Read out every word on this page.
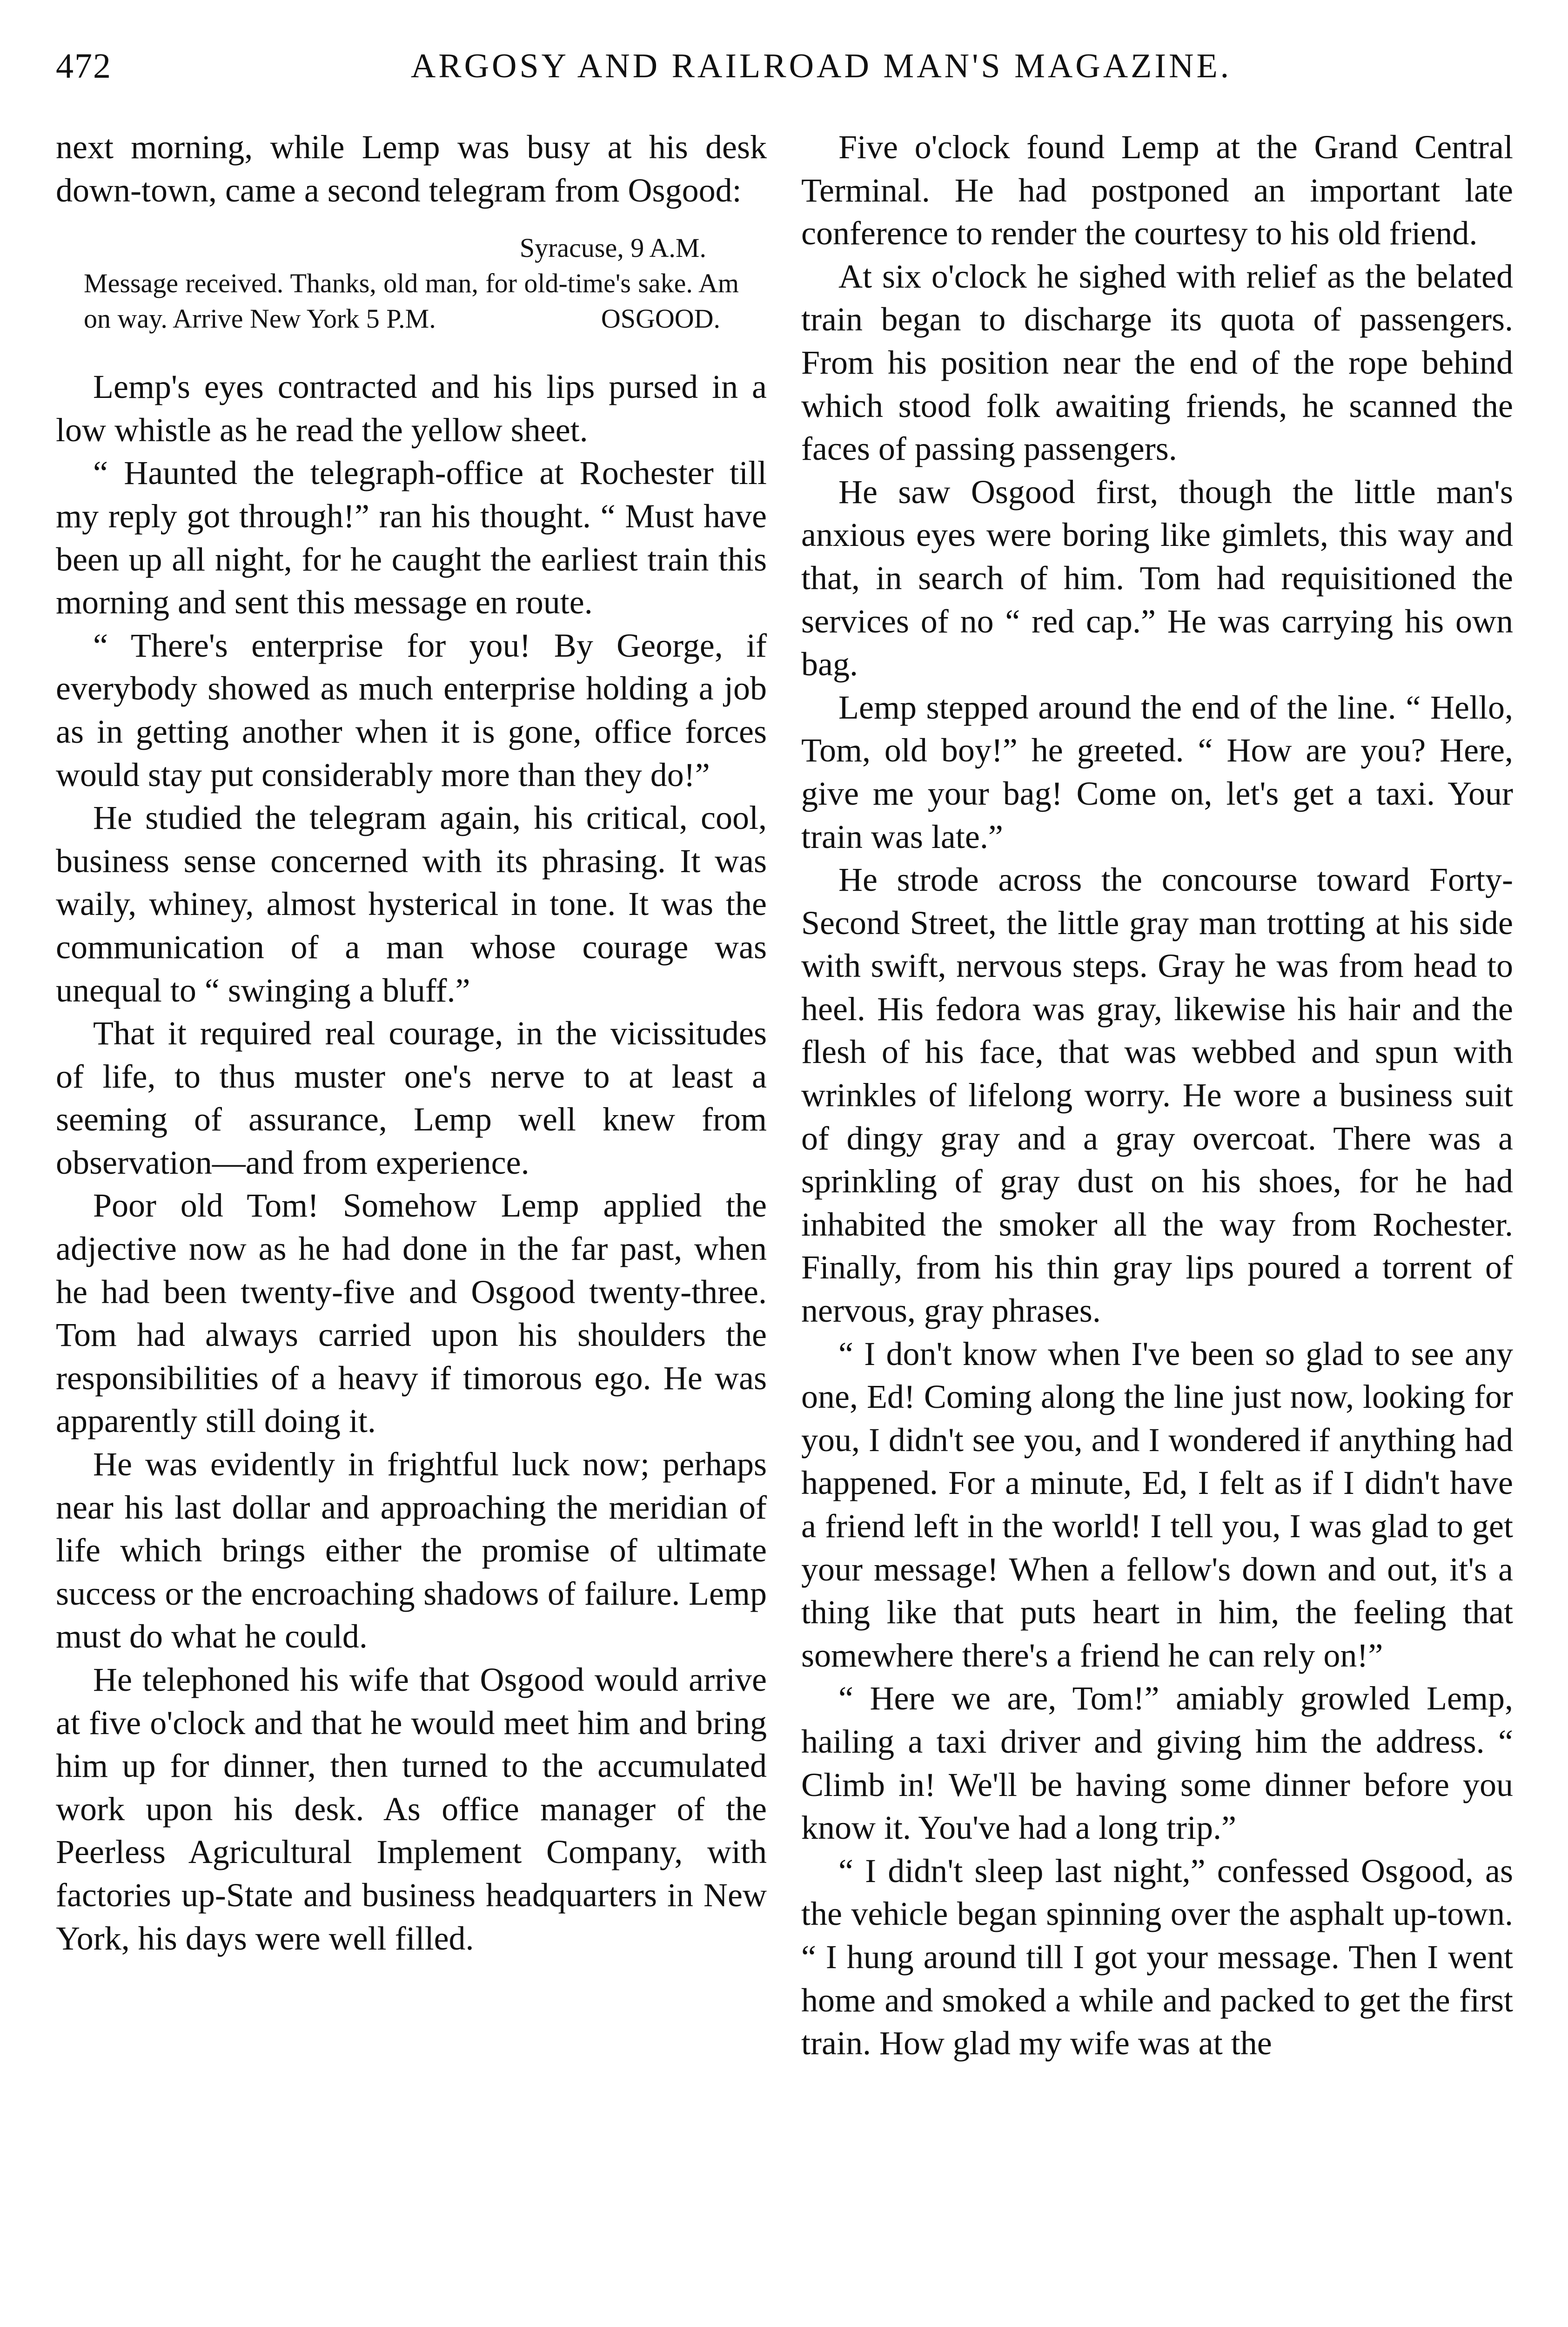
472	ARGOSY AND RAILROAD MAN'S MAGAZINE.

next morning, while Lemp was busy at his desk down-town, came a second telegram from Osgood:

Syracuse, 9 A.M.
Message received. Thanks, old man, for old-time's sake. Am on way. Arrive New York 5 P.M.	OSGOOD.

Lemp's eyes contracted and his lips pursed in a low whistle as he read the yellow sheet.

“ Haunted the telegraph-office at Rochester till my reply got through!” ran his thought. “ Must have been up all night, for he caught the earliest train this morning and sent this message en route.

“ There's enterprise for you! By George, if everybody showed as much enterprise holding a job as in getting another when it is gone, office forces would stay put considerably more than they do!”

He studied the telegram again, his critical, cool, business sense concerned with its phrasing. It was waily, whiney, almost hysterical in tone. It was the communication of a man whose courage was unequal to “ swinging a bluff.”

That it required real courage, in the vicissitudes of life, to thus muster one's nerve to at least a seeming of assurance, Lemp well knew from observation—and from experience.

Poor old Tom! Somehow Lemp applied the adjective now as he had done in the far past, when he had been twenty-five and Osgood twenty-three. Tom had always carried upon his shoulders the responsibilities of a heavy if timorous ego. He was apparently still doing it.

He was evidently in frightful luck now; perhaps near his last dollar and approaching the meridian of life which brings either the promise of ultimate success or the encroaching shadows of failure. Lemp must do what he could.

He telephoned his wife that Osgood would arrive at five o'clock and that he would meet him and bring him up for dinner, then turned to the accumulated work upon his desk. As office manager of the Peerless Agricultural Implement Company, with factories up-State and business headquarters in New York, his days were well filled.

Five o'clock found Lemp at the Grand Central Terminal. He had postponed an important late conference to render the courtesy to his old friend.

At six o'clock he sighed with relief as the belated train began to discharge its quota of passengers. From his position near the end of the rope behind which stood folk awaiting friends, he scanned the faces of passing passengers.

He saw Osgood first, though the little man's anxious eyes were boring like gimlets, this way and that, in search of him. Tom had requisitioned the services of no “ red cap.” He was carrying his own bag.

Lemp stepped around the end of the line. “ Hello, Tom, old boy!” he greeted. “ How are you? Here, give me your bag! Come on, let's get a taxi. Your train was late.”

He strode across the concourse toward Forty-Second Street, the little gray man trotting at his side with swift, nervous steps. Gray he was from head to heel. His fedora was gray, likewise his hair and the flesh of his face, that was webbed and spun with wrinkles of lifelong worry. He wore a business suit of dingy gray and a gray overcoat. There was a sprinkling of gray dust on his shoes, for he had inhabited the smoker all the way from Rochester. Finally, from his thin gray lips poured a torrent of nervous, gray phrases.

“ I don't know when I've been so glad to see any one, Ed! Coming along the line just now, looking for you, I didn't see you, and I wondered if anything had happened. For a minute, Ed, I felt as if I didn't have a friend left in the world! I tell you, I was glad to get your message! When a fellow's down and out, it's a thing like that puts heart in him, the feeling that somewhere there's a friend he can rely on!”

“ Here we are, Tom!” amiably growled Lemp, hailing a taxi driver and giving him the address. “ Climb in! We'll be having some dinner before you know it. You've had a long trip.”

“ I didn't sleep last night,” confessed Osgood, as the vehicle began spinning over the asphalt up-town. “ I hung around till I got your message. Then I went home and smoked a while and packed to get the first train. How glad my wife was at the
